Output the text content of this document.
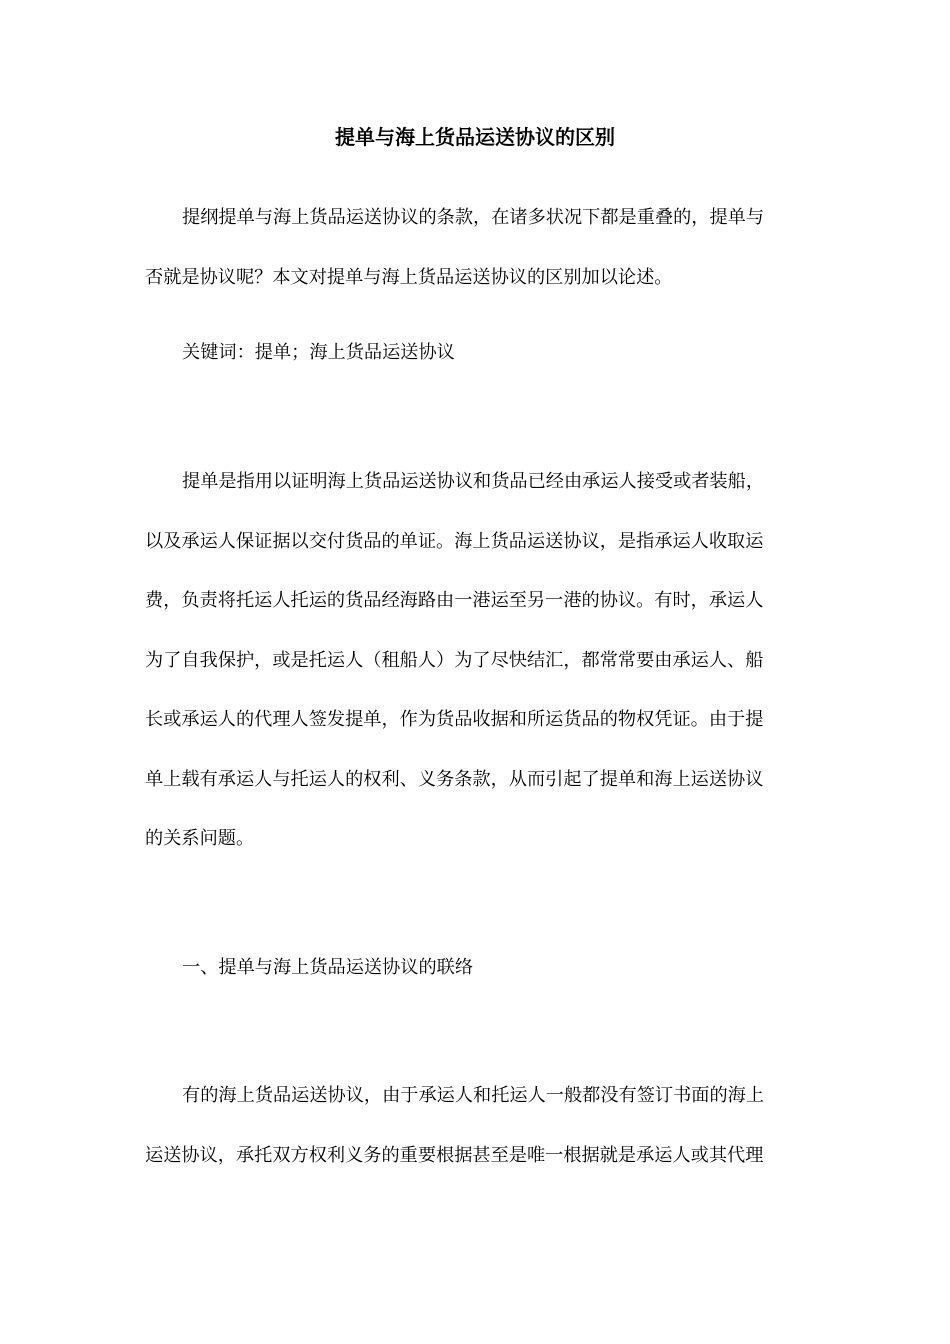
提单与海上货品运送协议的区别

提纲提单与海上货品运送协议的条款，在诸多状况下都是重叠的，提单与

否就是协议呢？本文对提单与海上货品运送协议的区别加以论述。

关键词：提单；海上货品运送协议

提单是指用以证明海上货品运送协议和货品已经由承运人接受或者装船，

以及承运人保证据以交付货品的单证。海上货品运送协议，是指承运人收取运

费，负责将托运人托运的货品经海路由一港运至另一港的协议。有时，承运人

为了自我保护，或是托运人（租船人）为了尽快结汇，都常常要由承运人、船

长或承运人的代理人签发提单，作为货品收据和所运货品的物权凭证。由于提

单上载有承运人与托运人的权利、义务条款，从而引起了提单和海上运送协议

的关系问题。

一、提单与海上货品运送协议的联络

有的海上货品运送协议，由于承运人和托运人一般都没有签订书面的海上

运送协议，承托双方权利义务的重要根据甚至是唯一根据就是承运人或其代理
